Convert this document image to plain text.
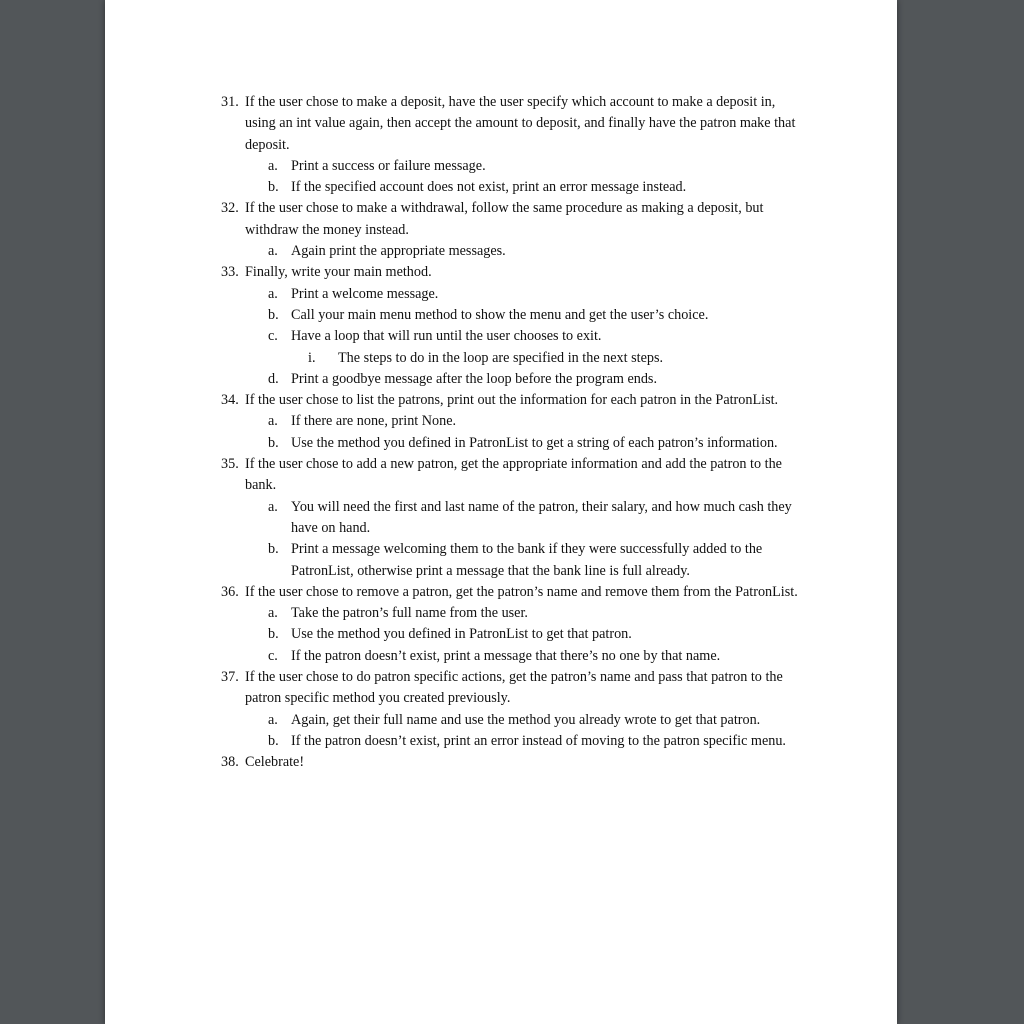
31. If the user chose to make a deposit, have the user specify which account to make a deposit in, using an int value again, then accept the amount to deposit, and finally have the patron make that deposit.
a. Print a success or failure message.
b. If the specified account does not exist, print an error message instead.
32. If the user chose to make a withdrawal, follow the same procedure as making a deposit, but withdraw the money instead.
a. Again print the appropriate messages.
33. Finally, write your main method.
a. Print a welcome message.
b. Call your main menu method to show the menu and get the user’s choice.
c. Have a loop that will run until the user chooses to exit.
i. The steps to do in the loop are specified in the next steps.
d. Print a goodbye message after the loop before the program ends.
34. If the user chose to list the patrons, print out the information for each patron in the PatronList.
a. If there are none, print None.
b. Use the method you defined in PatronList to get a string of each patron’s information.
35. If the user chose to add a new patron, get the appropriate information and add the patron to the bank.
a. You will need the first and last name of the patron, their salary, and how much cash they have on hand.
b. Print a message welcoming them to the bank if they were successfully added to the PatronList, otherwise print a message that the bank line is full already.
36. If the user chose to remove a patron, get the patron’s name and remove them from the PatronList.
a. Take the patron’s full name from the user.
b. Use the method you defined in PatronList to get that patron.
c. If the patron doesn’t exist, print a message that there’s no one by that name.
37. If the user chose to do patron specific actions, get the patron’s name and pass that patron to the patron specific method you created previously.
a. Again, get their full name and use the method you already wrote to get that patron.
b. If the patron doesn’t exist, print an error instead of moving to the patron specific menu.
38. Celebrate!
